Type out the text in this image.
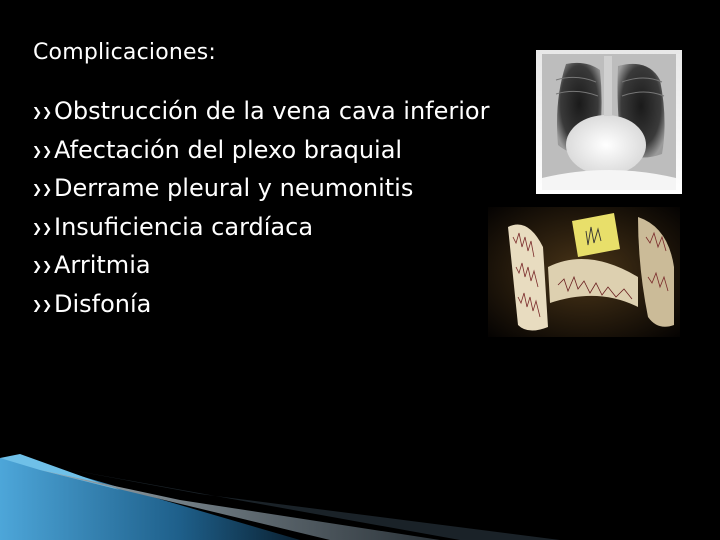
Complicaciones:
❯❯ Obstrucción de la vena cava inferior
❯❯ Afectación del plexo braquial
❯❯ Derrame pleural y neumonitis
❯❯ Insuficiencia cardíaca
❯❯ Arritmia
❯❯ Disfonía
